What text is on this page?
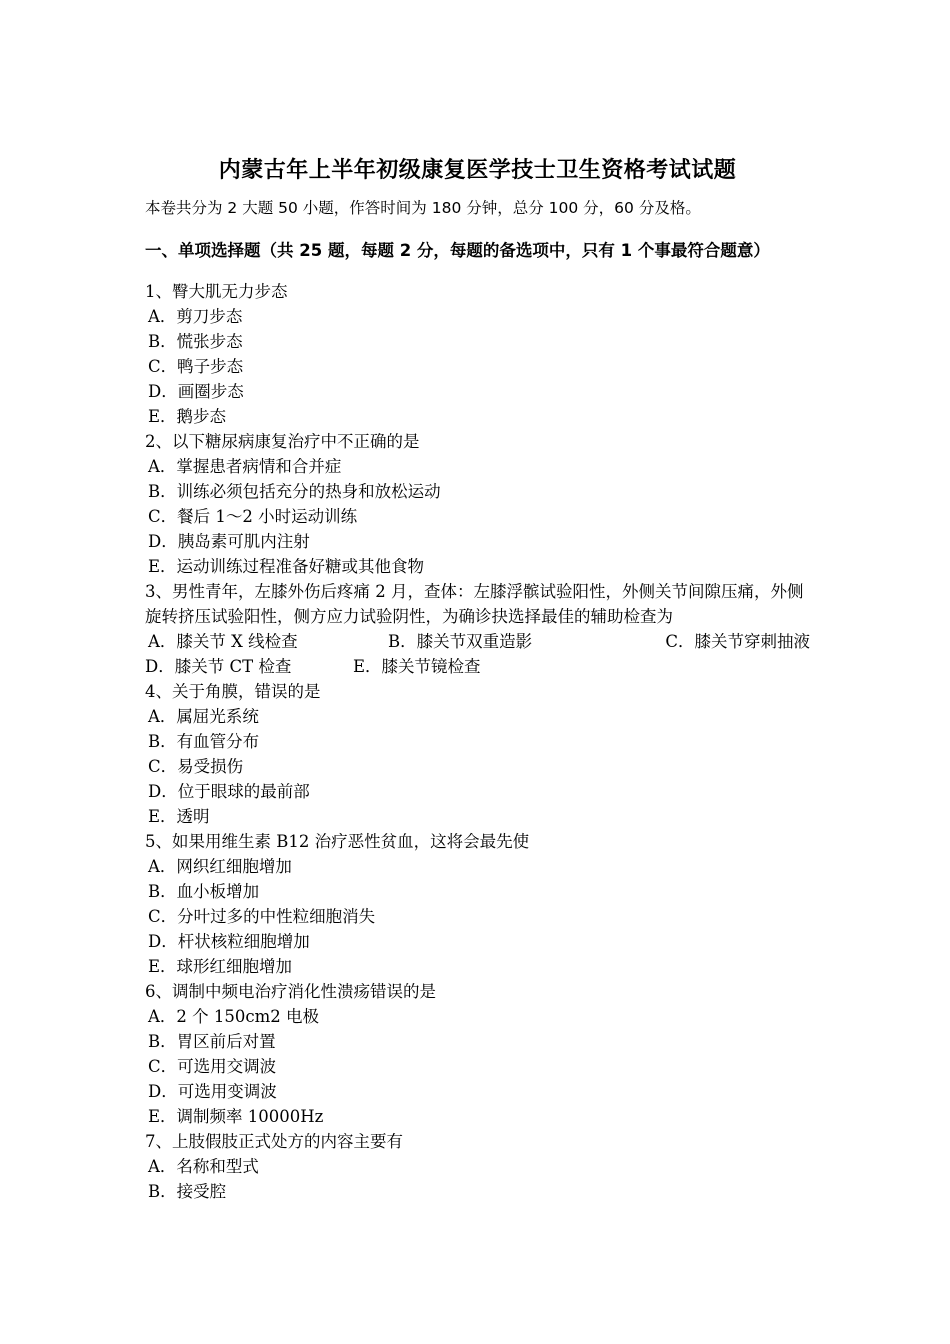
内蒙古年上半年初级康复医学技士卫生资格考试试题

本卷共分为 2 大题 50 小题，作答时间为 180 分钟，总分 100 分，60 分及格。

一、单项选择题（共 25 题，每题 2 分，每题的备选项中，只有 1 个事最符合题意）

1、臀大肌无力步态

A．剪刀步态

B．慌张步态

C．鸭子步态

D．画圈步态

E．鹅步态

2、以下糖尿病康复治疗中不正确的是

A．掌握患者病情和合并症

B．训练必须包括充分的热身和放松运动

C．餐后 1～2 小时运动训练

D．胰岛素可肌内注射

E．运动训练过程准备好糖或其他食物

3、男性青年，左膝外伤后疼痛 2 月，查体：左膝浮髌试验阳性，外侧关节间隙压痛，外侧旋转挤压试验阳性，侧方应力试验阴性，为确诊抉选择最佳的辅助检查为

A．膝关节 X 线检查	B．膝关节双重造影	C．膝关节穿刺抽液
D．膝关节 CT 检查	E．膝关节镜检查

4、关于角膜，错误的是

A．属屈光系统

B．有血管分布

C．易受损伤

D．位于眼球的最前部

E．透明

5、如果用维生素 B12 治疗恶性贫血，这将会最先使

A．网织红细胞增加

B．血小板增加

C．分叶过多的中性粒细胞消失

D．杆状核粒细胞增加

E．球形红细胞增加

6、调制中频电治疗消化性溃疡错误的是

A．2 个 150cm2 电极

B．胃区前后对置

C．可选用交调波

D．可选用变调波

E．调制频率 10000Hz

7、上肢假肢正式处方的内容主要有

A．名称和型式

B．接受腔
